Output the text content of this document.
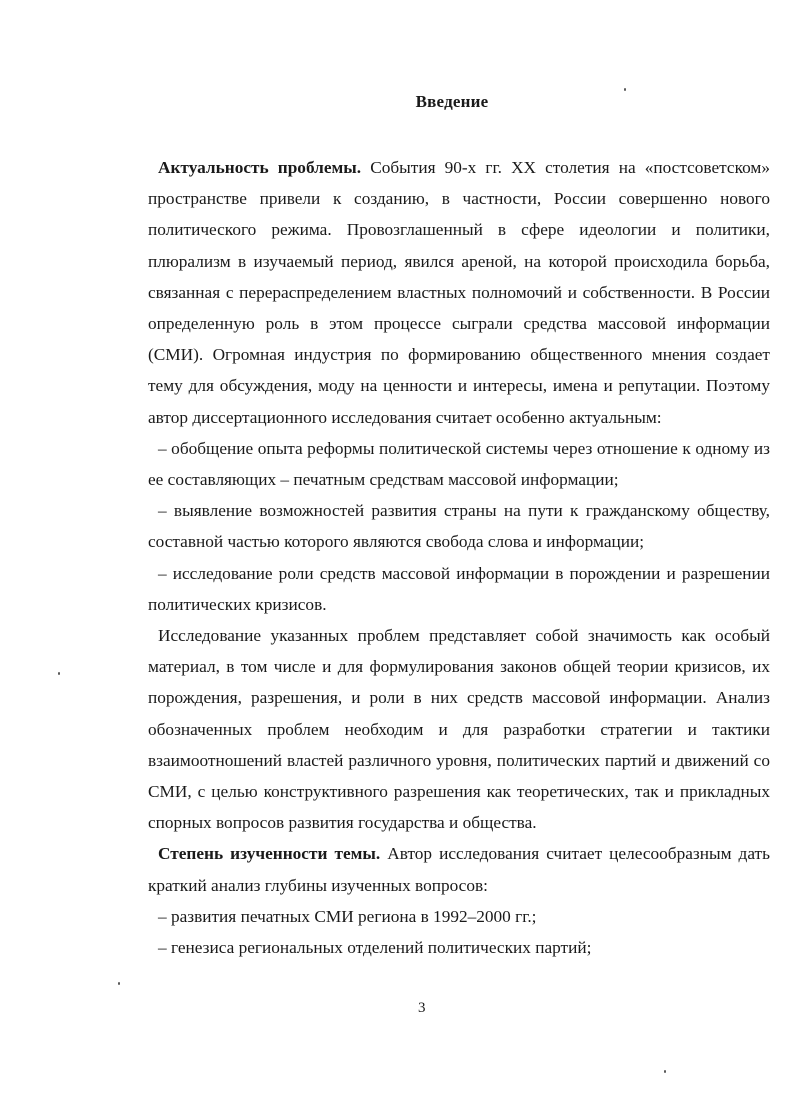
Введение

Актуальность проблемы. События 90-х гг. XX столетия на «постсоветском» пространстве привели к созданию, в частности, России совершенно нового политического режима. Провозглашенный в сфере идеологии и политики, плюрализм в изучаемый период, явился ареной, на которой происходила борьба, связанная с перераспределением властных полномочий и собственности. В России определенную роль в этом процессе сыграли средства массовой информации (СМИ). Огромная индустрия по формированию общественного мнения создает тему для обсуждения, моду на ценности и интересы, имена и репутации. Поэтому автор диссертационного исследования считает особенно актуальным:

– обобщение опыта реформы политической системы через отношение к одному из ее составляющих – печатным средствам массовой информации;

– выявление возможностей развития страны на пути к гражданскому обществу, составной частью которого являются свобода слова и информации;

– исследование роли средств массовой информации в порождении и разрешении политических кризисов.

Исследование указанных проблем представляет собой значимость как особый материал, в том числе и для формулирования законов общей теории кризисов, их порождения, разрешения, и роли в них средств массовой информации. Анализ обозначенных проблем необходим и для разработки стратегии и тактики взаимоотношений властей различного уровня, политических партий и движений со СМИ, с целью конструктивного разрешения как теоретических, так и прикладных спорных вопросов развития государства и общества.

Степень изученности темы. Автор исследования считает целесообразным дать краткий анализ глубины изученных вопросов:

– развития печатных СМИ региона в 1992–2000 гг.;

– генезиса региональных отделений политических партий;

3
